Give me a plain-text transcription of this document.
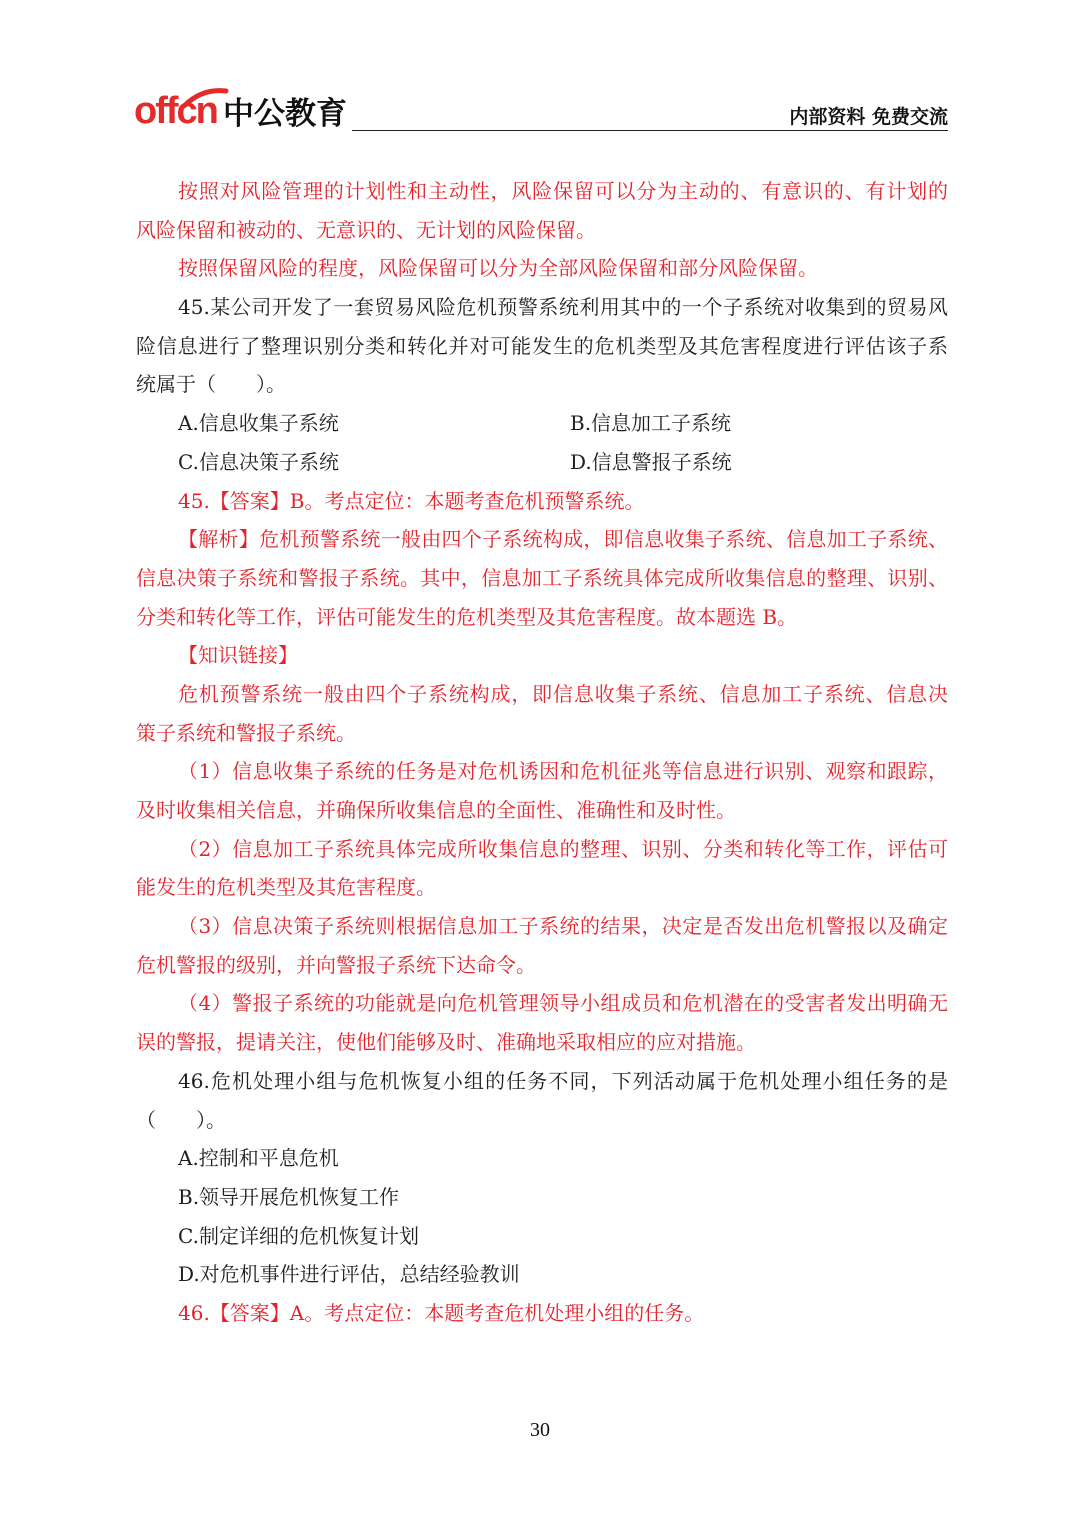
offcn 中公教育	内部资料 免费交流
按照对风险管理的计划性和主动性，风险保留可以分为主动的、有意识的、有计划的
风险保留和被动的、无意识的、无计划的风险保留。
按照保留风险的程度，风险保留可以分为全部风险保留和部分风险保留。
45.某公司开发了一套贸易风险危机预警系统利用其中的一个子系统对收集到的贸易风
险信息进行了整理识别分类和转化并对可能发生的危机类型及其危害程度进行评估该子系
统属于（　　）。
A.信息收集子系统	B.信息加工子系统
C.信息决策子系统	D.信息警报子系统
45.【答案】B。考点定位：本题考查危机预警系统。
【解析】危机预警系统一般由四个子系统构成，即信息收集子系统、信息加工子系统、
信息决策子系统和警报子系统。其中，信息加工子系统具体完成所收集信息的整理、识别、
分类和转化等工作，评估可能发生的危机类型及其危害程度。故本题选 B。
【知识链接】
危机预警系统一般由四个子系统构成，即信息收集子系统、信息加工子系统、信息决
策子系统和警报子系统。
（1）信息收集子系统的任务是对危机诱因和危机征兆等信息进行识别、观察和跟踪，
及时收集相关信息，并确保所收集信息的全面性、准确性和及时性。
（2）信息加工子系统具体完成所收集信息的整理、识别、分类和转化等工作，评估可
能发生的危机类型及其危害程度。
（3）信息决策子系统则根据信息加工子系统的结果，决定是否发出危机警报以及确定
危机警报的级别，并向警报子系统下达命令。
（4）警报子系统的功能就是向危机管理领导小组成员和危机潜在的受害者发出明确无
误的警报，提请关注，使他们能够及时、准确地采取相应的应对措施。
46.危机处理小组与危机恢复小组的任务不同，下列活动属于危机处理小组任务的是
（　　）。
A.控制和平息危机
B.领导开展危机恢复工作
C.制定详细的危机恢复计划
D.对危机事件进行评估，总结经验教训
46.【答案】A。考点定位：本题考查危机处理小组的任务。
30
